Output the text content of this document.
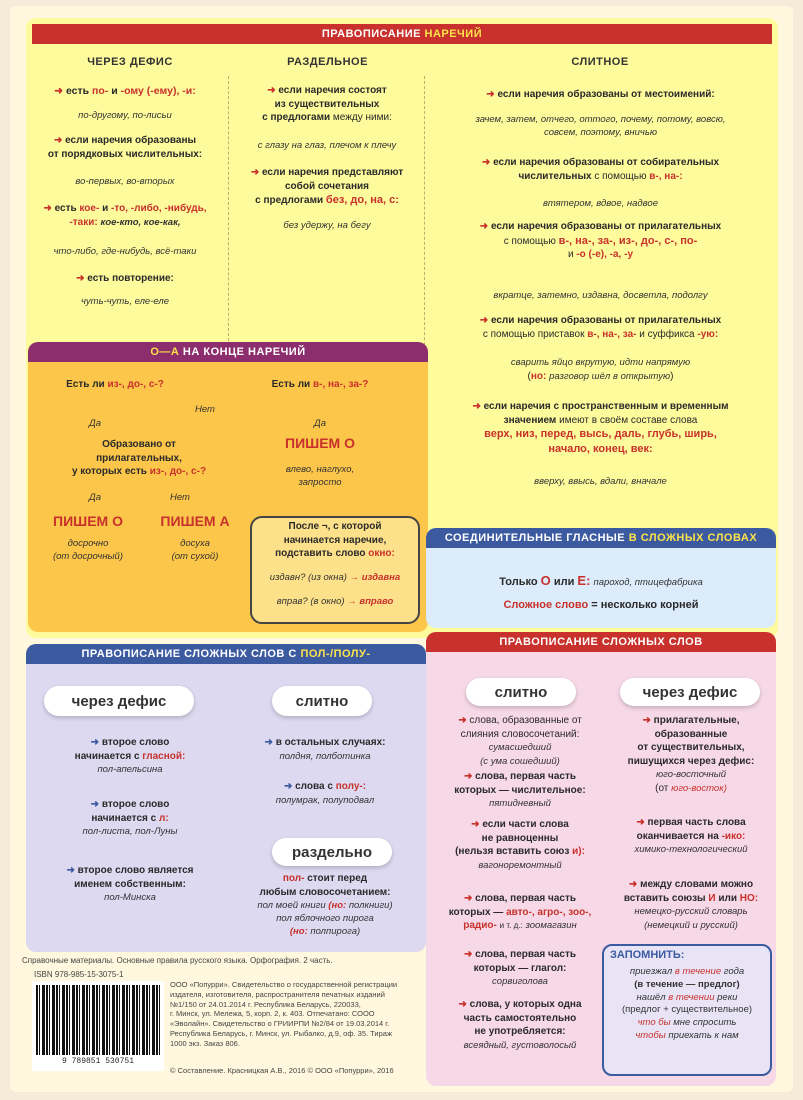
ПРАВОПИСАНИЕ
НАРЕЧИЙ
ЧЕРЕЗ ДЕФИС	РАЗДЕЛЬНОЕ	СЛИТНОЕ
➜ есть по- и -ому (-ему), -и:
по-другому, по-лисьи
➜ если наречия образованы
от порядковых числительных:
во-первых, во-вторых
➜ есть кое- и -то, -либо, -нибудь,
-таки: кое-кто, кое-как,
что-либо, где-нибудь, всё-таки
➜ есть повторение:
чуть-чуть, еле-еле
➜ если наречия состоят
из существительных
с предлогами между ними:
с глазу на глаз, плечом к плечу
➜ если наречия представляют
собой сочетания
с предлогами без, до, на, с:
без удержу, на бегу
➜ если наречия образованы от местоимений:
зачем, затем, отчего, оттого, почему, потому, вовсю,
совсем, поэтому, вничью
➜ если наречия образованы от собирательных
числительных с помощью в-, на-:
втятером, вдвое, надвое
➜ если наречия образованы от прилагательных
с помощью в-, на-, за-, из-, до-, с-, по-
и -о (-е), -а, -у
вкратце, затемно, издавна, досветла, подолгу
➜ если наречия образованы от прилагательных
с помощью приставок в-, на-, за- и суффикса -ую:
сварить яйцо вкрутую, идти напрямую
(но: разговор шёл в открытую)
➜ если наречия с пространственным и временным
значением имеют в своём составе слова
верх, низ, перед, высь, даль, глубь, ширь,
начало, конец, век:
вверху, ввысь, вдали, вначале
О—А
НА КОНЦЕ НАРЕЧИЙ
Есть ли из-, до-, с-?	Есть ли в-, на-, за-?
Нет
Да	Да
ПИШЕМ О
влево, наглухо,
запросто
Образовано от
прилагательных,
у которых есть из-, до-, с-?
Да	Нет
ПИШЕМ О	ПИШЕМ А
досрочно
(от досрочный)
досуха
(от сухой)
После ¬, с которой
начинается наречие,
подставить слово окно:
издавн? (из окна) → издавна
вправ? (в окно) → вправо
СОЕДИНИТЕЛЬНЫЕ ГЛАСНЫЕ
В СЛОЖНЫХ СЛОВАХ
Только О или Е: пароход, птицефабрика
Сложное слово = несколько корней
ПРАВОПИСАНИЕ СЛОЖНЫХ СЛОВ С
ПОЛ-/ПОЛУ-
через дефис	слитно
➜ второе слово
начинается с гласной:
пол-апельсина
➜ второе слово
начинается с л:
пол-листа, пол-Луны
➜ второе слово является
именем собственным:
пол-Минска
➜ в остальных случаях:
полдня, полботинка
➜ слова с полу-:
полумрак, полуподвал
раздельно
пол- стоит перед
любым словосочетанием:
пол моей книги (но: полкниги)
пол яблочного пирога
(но: полпирога)
ПРАВОПИСАНИЕ СЛОЖНЫХ СЛОВ
слитно	через дефис
➜ слова, образованные от
слияния словосочетаний:
сумасшедший
(с ума сошедший)
➜ слова, первая часть
которых — числительное:
пятидневный
➜ если части слова
не равноценны
(нельзя вставить союз и):
вагоноремонтный
➜ слова, первая часть
которых — авто-, агро-, зоо-,
радио- и т. д.: зоомагазин
➜ слова, первая часть
которых — глагол:
сорвиголова
➜ слова, у которых одна
часть самостоятельно
не употребляется:
всеядный, густоволосый
➜ прилагательные,
образованные
от существительных,
пишущихся через дефис:
юго-восточный
(от юго-восток)
➜ первая часть слова
оканчивается на -ико:
химико-технологический
➜ между словами можно
вставить союзы И или НО:
немецко-русский словарь
(немецкий и русский)
ЗАПОМНИТЬ:
приезжал в течение года
(в течение — предлог)
нашёл в течении реки
(предлог + существительное)
что бы мне спросить
чтобы приехать к нам
Справочные материалы. Основные правила русского языка. Орфография. 2 часть.
ISBN 978-985-15-3075-1
9 789851 530751
ООО «Попурри». Свидетельство о государственной регистрации
издателя, изготовителя, распространителя печатных изданий
№1/150 от 24.01.2014 г. Республика Беларусь, 220033,
г. Минск, ул. Мележа, 5, корп. 2, к. 403. Отпечатано: СООО
«Эволайн». Свидетельство о ГРИИРПИ №2/84 от 19.03.2014 г.
Республика Беларусь, г. Минск, ул. Рыбалко, д.9, оф. 35. Тираж
1000 экз. Заказ 806.
© Составление. Красницкая А.В., 2016 © ООО «Попурри», 2016
